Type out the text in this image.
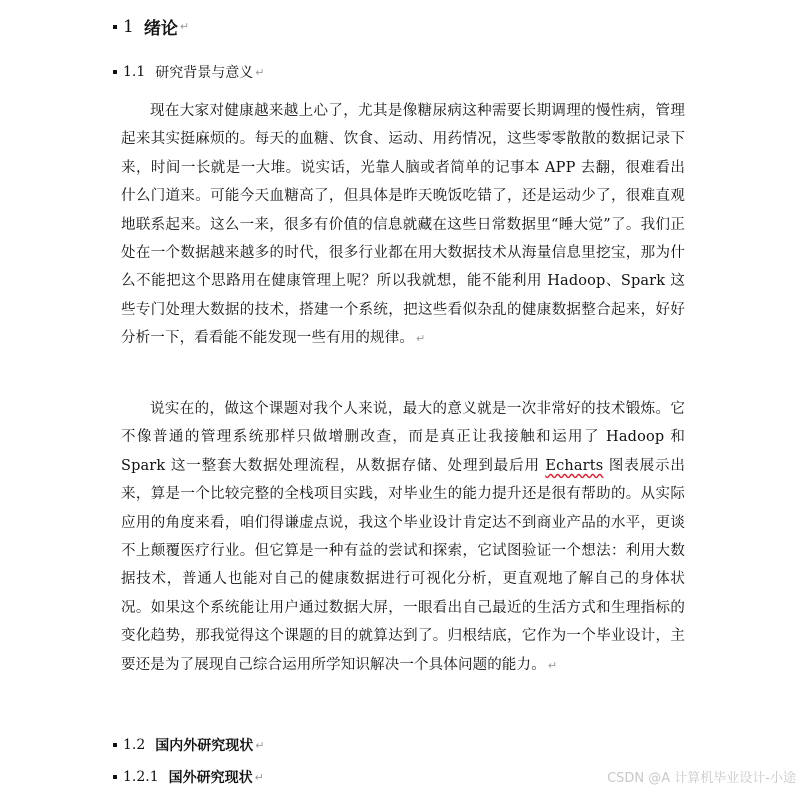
1 绪论 ↵
1.1 研究背景与意义 ↵

现在大家对健康越来越上心了，尤其是像糖尿病这种需要长期调理的慢性病，管理起来其实挺麻烦的。每天的血糖、饮食、运动、用药情况，这些零零散散的数据记录下来，时间一长就是一大堆。说实话，光靠人脑或者简单的记事本 APP 去翻，很难看出什么门道来。可能今天血糖高了，但具体是昨天晚饭吃错了，还是运动少了，很难直观地联系起来。这么一来，很多有价值的信息就藏在这些日常数据里“睡大觉”了。我们正处在一个数据越来越多的时代，很多行业都在用大数据技术从海量信息里挖宝，那为什么不能把这个思路用在健康管理上呢？所以我就想，能不能利用 Hadoop、Spark 这些专门处理大数据的技术，搭建一个系统，把这些看似杂乱的健康数据整合起来，好好分析一下，看看能不能发现一些有用的规律。 ↵

说实在的，做这个课题对我个人来说，最大的意义就是一次非常好的技术锻炼。它不像普通的管理系统那样只做增删改查，而是真正让我接触和运用了 Hadoop 和 Spark 这一整套大数据处理流程，从数据存储、处理到最后用 Echarts 图表展示出来，算是一个比较完整的全栈项目实践，对毕业生的能力提升还是很有帮助的。从实际应用的角度来看，咱们得谦虚点说，我这个毕业设计肯定达不到商业产品的水平，更谈不上颠覆医疗行业。但它算是一种有益的尝试和探索，它试图验证一个想法：利用大数据技术，普通人也能对自己的健康数据进行可视化分析，更直观地了解自己的身体状况。如果这个系统能让用户通过数据大屏，一眼看出自己最近的生活方式和生理指标的变化趋势，那我觉得这个课题的目的就算达到了。归根结底，它作为一个毕业设计，主要还是为了展现自己综合运用所学知识解决一个具体问题的能力。 ↵

1.2 国内外研究现状 ↵
1.2.1 国外研究现状 ↵	CSDN @A 计算机毕业设计-小途
